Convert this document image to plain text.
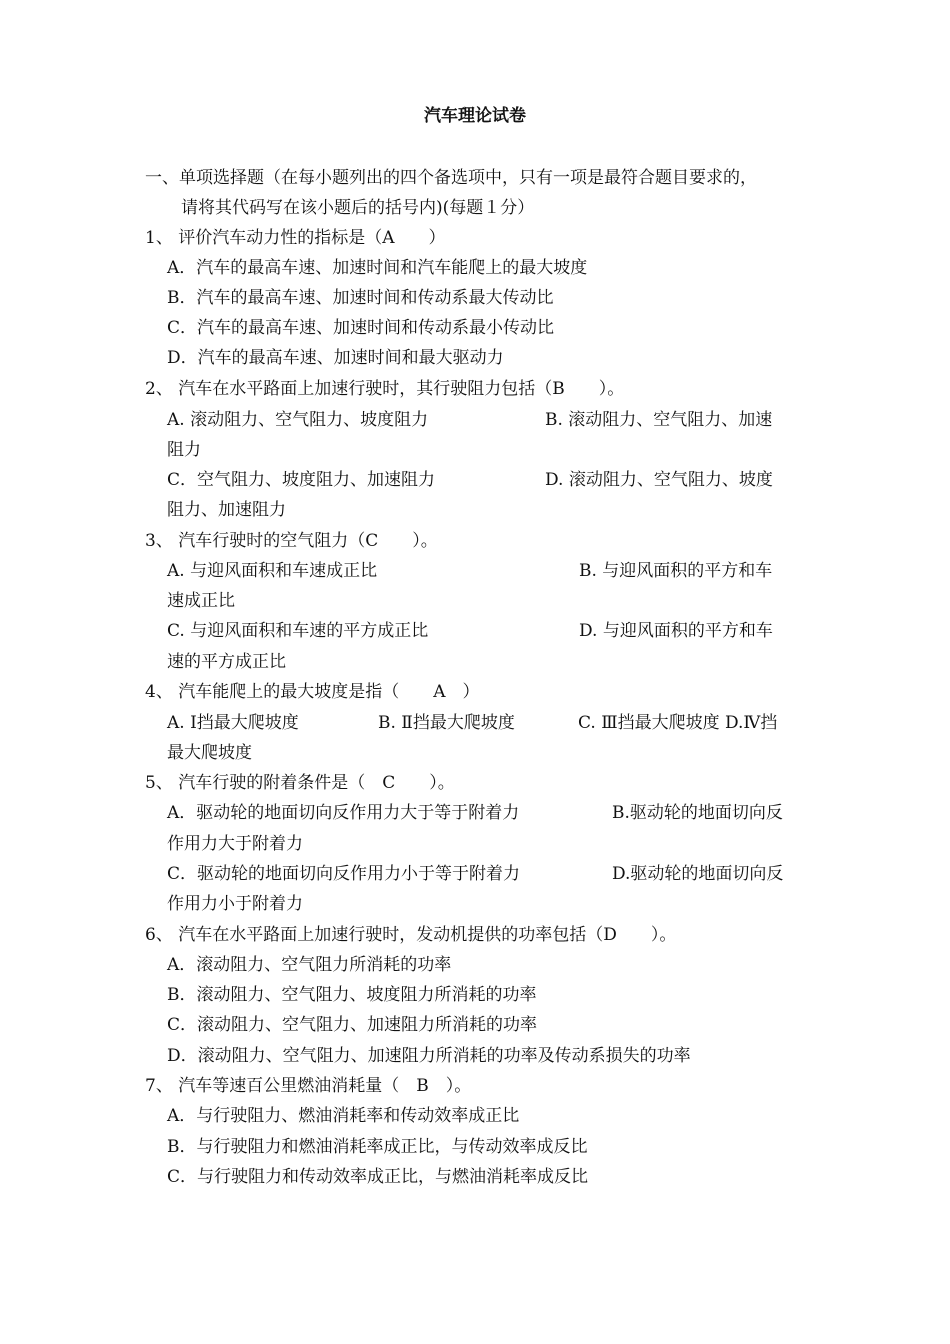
汽车理论试卷
一、单项选择题（在每小题列出的四个备选项中，只有一项是最符合题目要求的，
请将其代码写在该小题后的括号内)(每题１分）
1、 评价汽车动力性的指标是（A　　）
A．汽车的最高车速、加速时间和汽车能爬上的最大坡度
B．汽车的最高车速、加速时间和传动系最大传动比
C．汽车的最高车速、加速时间和传动系最小传动比
D．汽车的最高车速、加速时间和最大驱动力
2、 汽车在水平路面上加速行驶时，其行驶阻力包括（B　　）。
A. 滚动阻力、空气阻力、坡度阻力	B. 滚动阻力、空气阻力、加速
阻力
C．空气阻力、坡度阻力、加速阻力	D. 滚动阻力、空气阻力、坡度
阻力、加速阻力
3、 汽车行驶时的空气阻力（C　　）。
A. 与迎风面积和车速成正比	B. 与迎风面积的平方和车
速成正比
C. 与迎风面积和车速的平方成正比	D. 与迎风面积的平方和车
速的平方成正比
4、 汽车能爬上的最大坡度是指（　　A　）
A. Ⅰ挡最大爬坡度	B. Ⅱ挡最大爬坡度	C. Ⅲ挡最大爬坡度 D.Ⅳ挡
最大爬坡度
5、 汽车行驶的附着条件是（　C　　）。
A．驱动轮的地面切向反作用力大于等于附着力	B.驱动轮的地面切向反
作用力大于附着力
C．驱动轮的地面切向反作用力小于等于附着力	D.驱动轮的地面切向反
作用力小于附着力
6、 汽车在水平路面上加速行驶时，发动机提供的功率包括（D　　）。
A．滚动阻力、空气阻力所消耗的功率
B．滚动阻力、空气阻力、坡度阻力所消耗的功率
C．滚动阻力、空气阻力、加速阻力所消耗的功率
D．滚动阻力、空气阻力、加速阻力所消耗的功率及传动系损失的功率
7、 汽车等速百公里燃油消耗量（　B　）。
A．与行驶阻力、燃油消耗率和传动效率成正比
B．与行驶阻力和燃油消耗率成正比，与传动效率成反比
C．与行驶阻力和传动效率成正比，与燃油消耗率成反比
